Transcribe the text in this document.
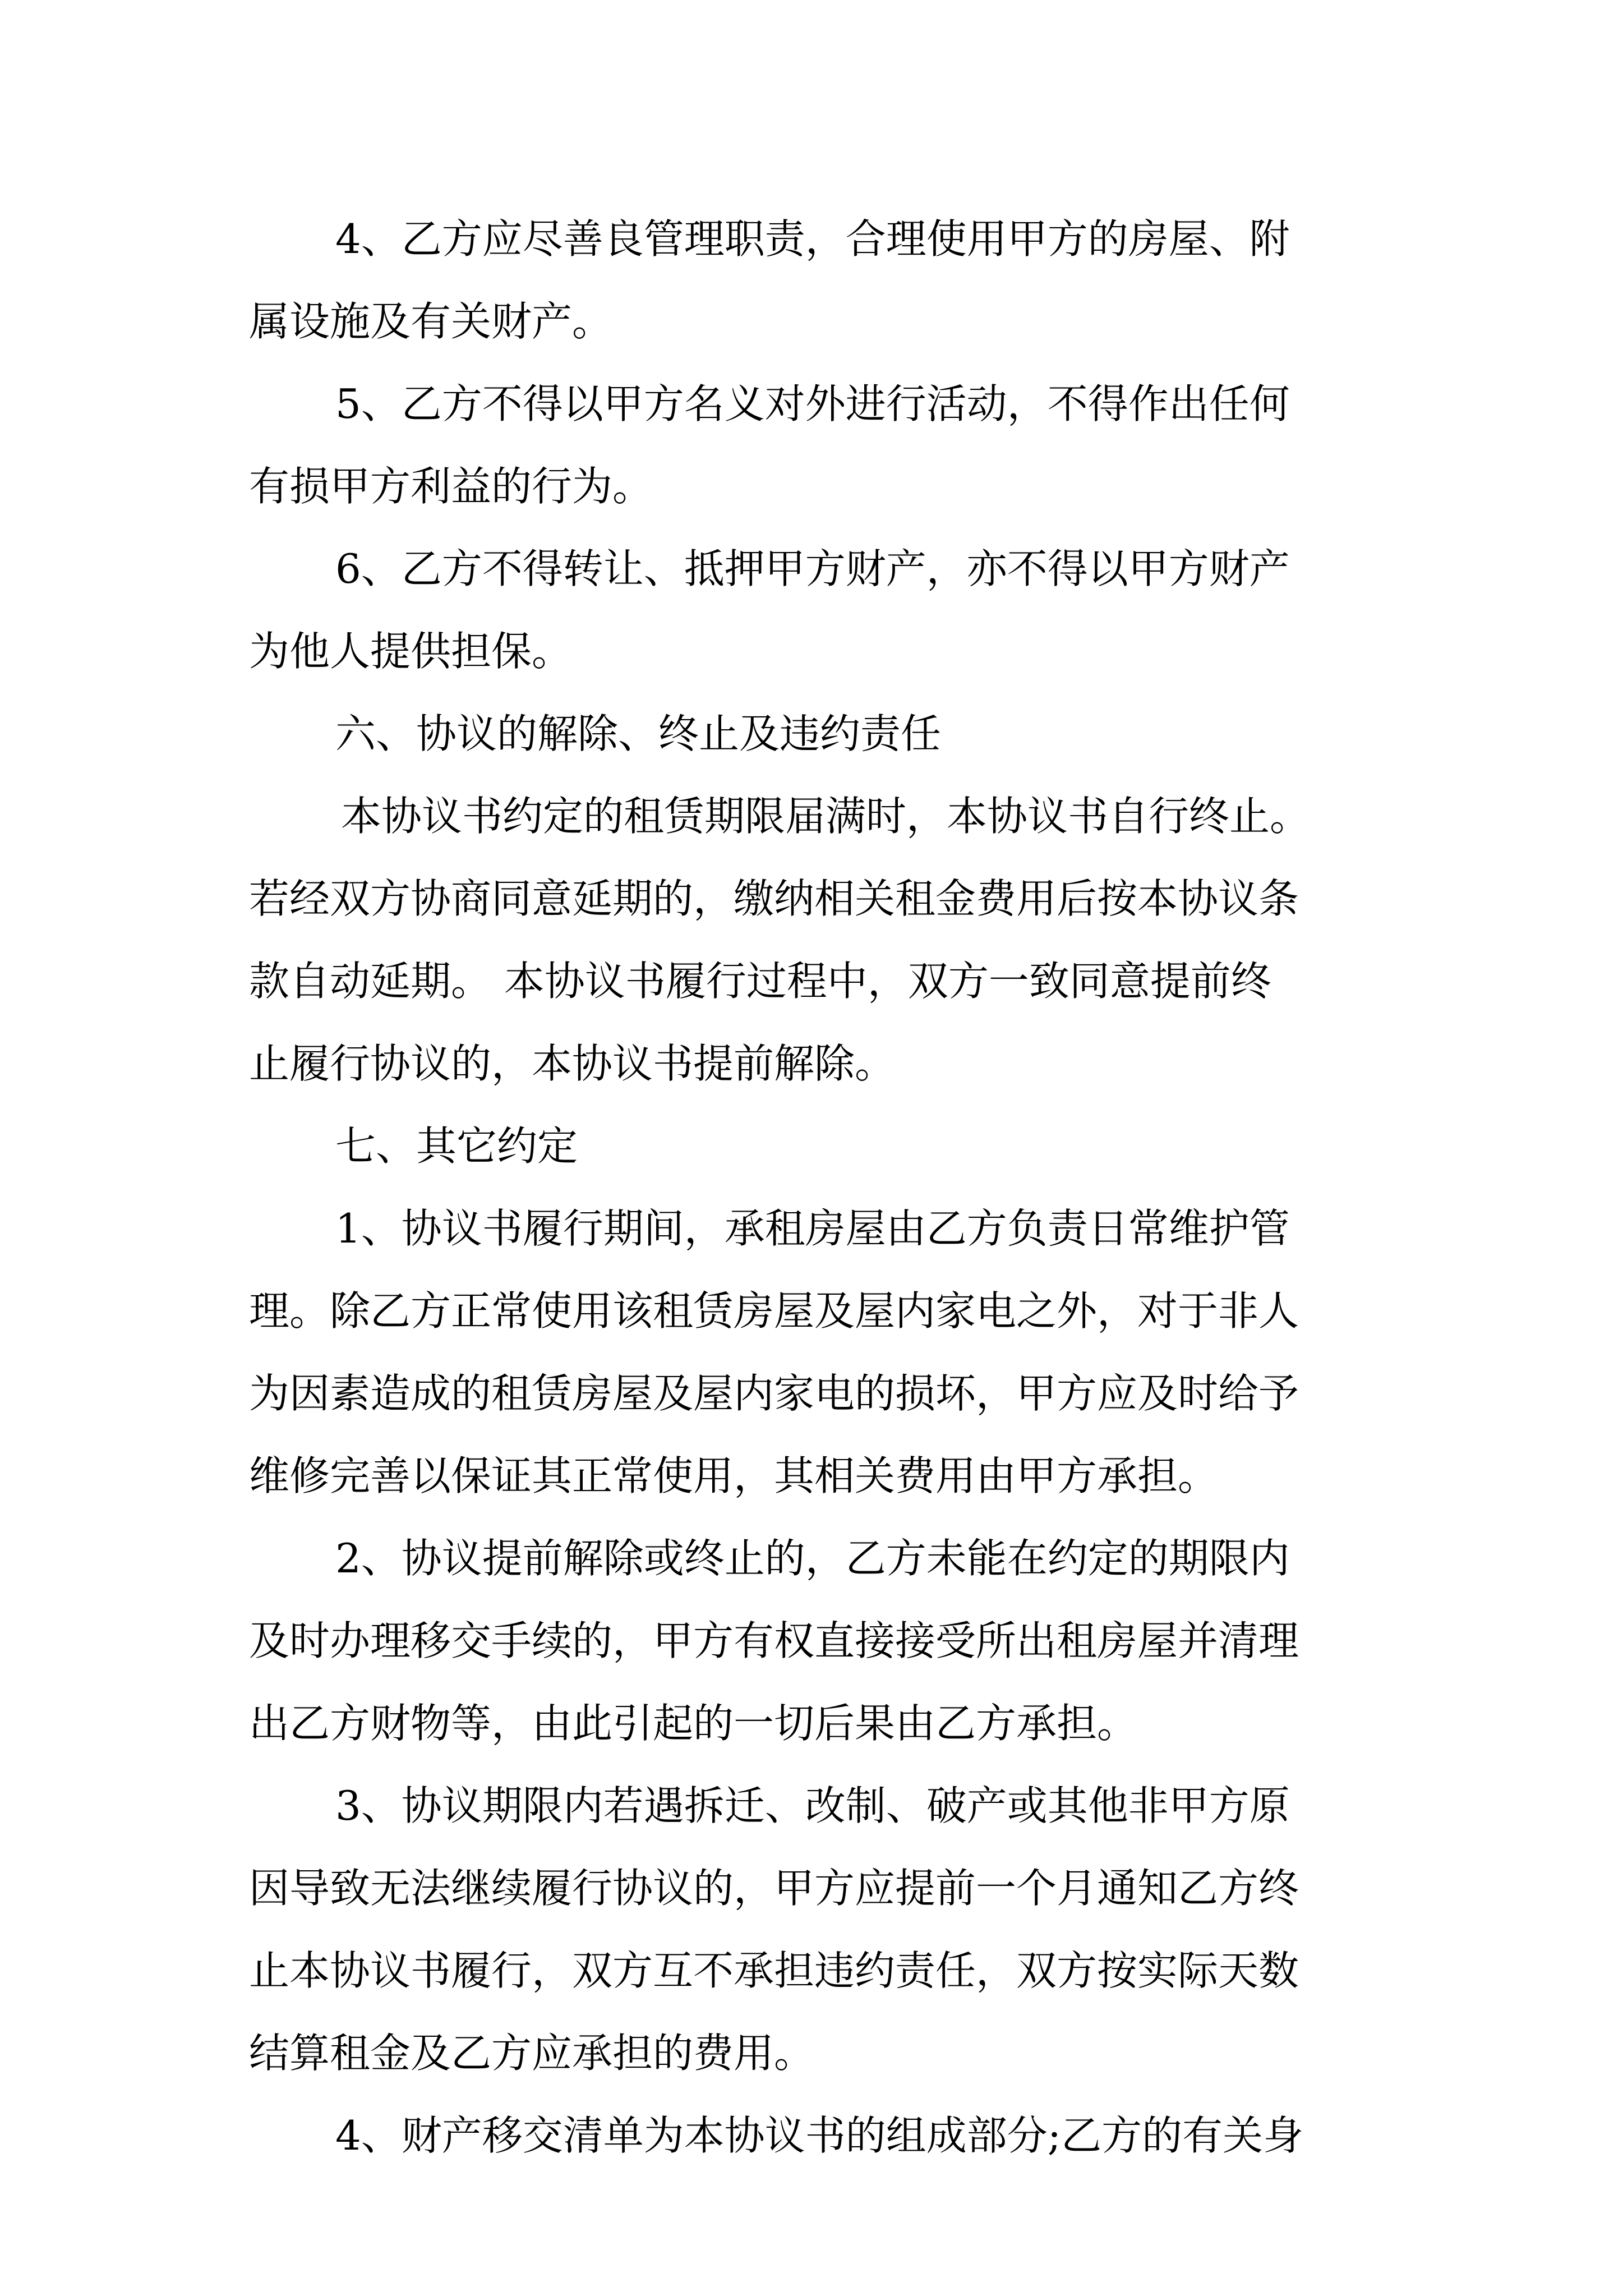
4、乙方应尽善良管理职责，合理使用甲方的房屋、附
属设施及有关财产。
5、乙方不得以甲方名义对外进行活动，不得作出任何
有损甲方利益的行为。
6、乙方不得转让、抵押甲方财产，亦不得以甲方财产
为他人提供担保。
六、协议的解除、终止及违约责任
本协议书约定的租赁期限届满时，本协议书自行终止。
若经双方协商同意延期的，缴纳相关租金费用后按本协议条
款自动延期。 本协议书履行过程中，双方一致同意提前终
止履行协议的，本协议书提前解除。
七、其它约定
1、协议书履行期间，承租房屋由乙方负责日常维护管
理。除乙方正常使用该租赁房屋及屋内家电之外，对于非人
为因素造成的租赁房屋及屋内家电的损坏，甲方应及时给予
维修完善以保证其正常使用，其相关费用由甲方承担。
2、协议提前解除或终止的，乙方未能在约定的期限内
及时办理移交手续的，甲方有权直接接受所出租房屋并清理
出乙方财物等，由此引起的一切后果由乙方承担。
3、协议期限内若遇拆迁、改制、破产或其他非甲方原
因导致无法继续履行协议的，甲方应提前一个月通知乙方终
止本协议书履行，双方互不承担违约责任，双方按实际天数
结算租金及乙方应承担的费用。
4、财产移交清单为本协议书的组成部分;乙方的有关身
